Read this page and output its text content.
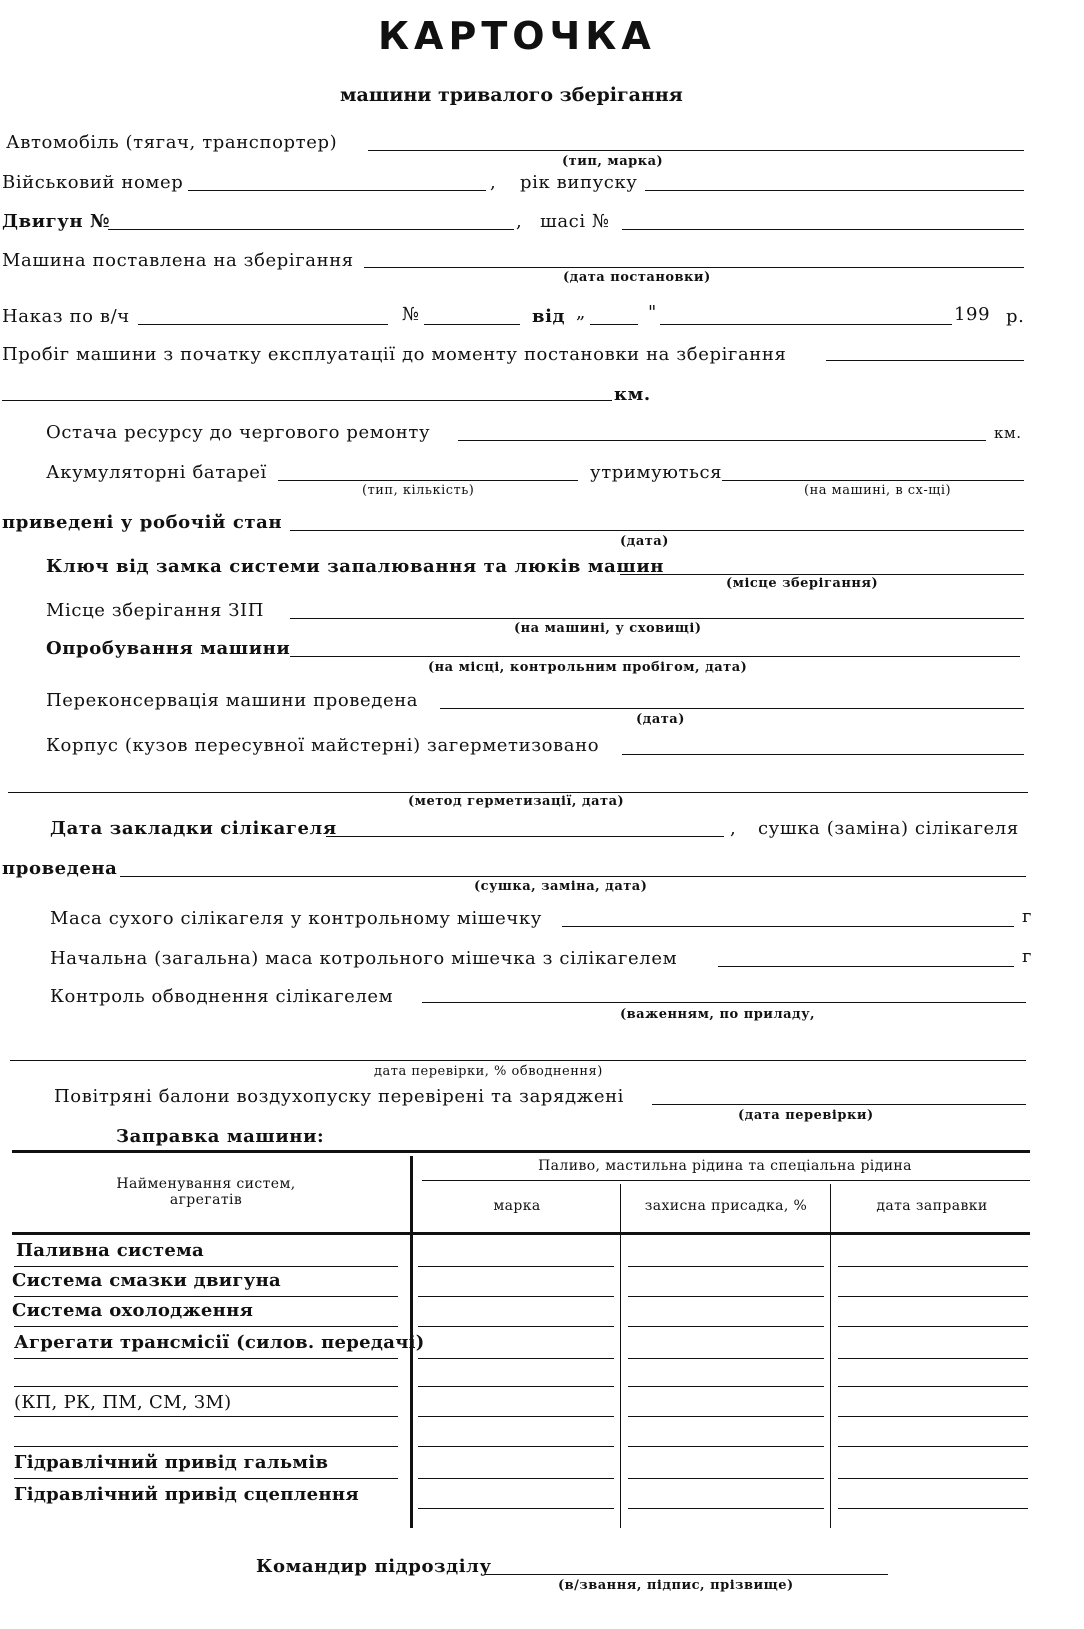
КАРТОЧКА
машини тривалого зберігання
Автомобіль (тягач, транспортер)
(тип, марка)
Військовий номер	, рік випуску
Двигун №	, шасі №
Машина поставлена на зберігання
(дата постановки)
Наказ по в/ч	№	від „	"	199 р.
Пробіг машини з початку експлуатації до моменту постановки на зберігання
км.
Остача ресурсу до чергового ремонту	км.
Акумуляторні батареї
(тип, кількість)
утримуються
(на машині, в сх-щі)
приведені у робочій стан
(дата)
Ключ від замка системи запалювання та люків машин
(місце зберігання)
Місце зберігання ЗІП
(на машині, у сховищі)
Опробування машини
(на місці, контрольним пробігом, дата)
Переконсервація машини проведена
(дата)
Корпус (кузов пересувної майстерні) загерметизовано
(метод герметизації, дата)
Дата закладки сілікагеля	, сушка (заміна) сілікагеля
проведена
(сушка, заміна, дата)
Маса сухого сілікагеля у контрольному мішечку	г
Начальна (загальна) маса котрольного мішечка з сілікагелем	г
Контроль обводнення сілікагелем
(важенням, по приладу,
дата перевірки, % обводнення)
Повітряні балони воздухопуску перевірені та заряджені
(дата перевірки)
Заправка машини:
Найменування систем, агрегатів
Паливо, мастильна рідина та спеціальна рідина
марка	захисна присадка, %	дата заправки
Паливна система
Система смазки двигуна
Система охолодження
Агрегати трансмісії (силов. передачі)
(КП, РК, ПМ, СМ, ЗМ)
Гідравлічний привід гальмів
Гідравлічний привід сцеплення
Командир підрозділу
(в/звання, підпис, прізвище)
